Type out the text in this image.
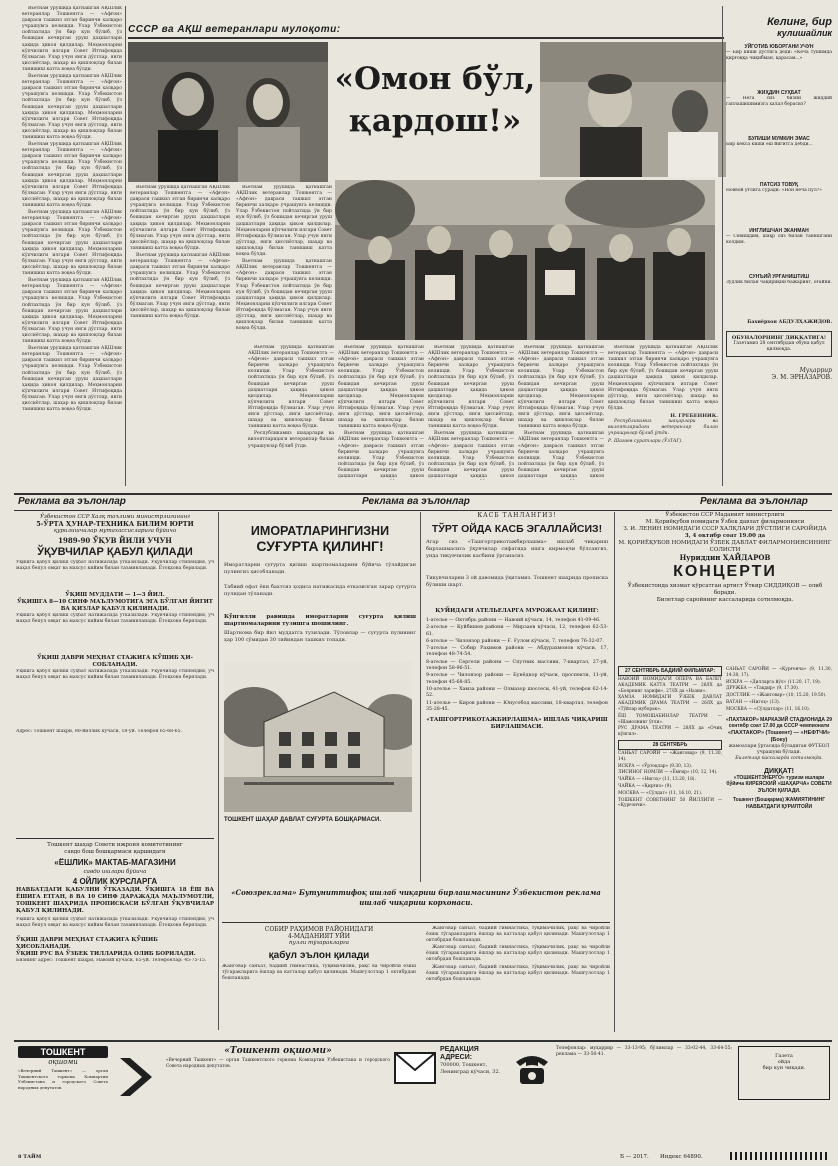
Вьетнам урушида қатнашган АҚШлик ветеранлар Тошкентга — «Афғон» давраси ташкил этган биринчи халқаро учрашувга келишди. Улар Ўзбекистон пойтахтида ўн бир кун бўлиб, ўз бошидан кечирган уруш даҳшатлари ҳақида ҳикоя қилдилар. Меҳмонларни кўпчилиги илгари Совет Иттифоқида бўлмаган. Улар учун янги дўстлар, янги ҳиссиётлар, шаҳар ва қишлоқлар билан танишиш катта воқеа бўлди.

Вьетнам урушида қатнашган АҚШлик ветеранлар Тошкентга — «Афғон» давраси ташкил этган биринчи халқаро учрашувга келишди. Улар Ўзбекистон пойтахтида ўн бир кун бўлиб, ўз бошидан кечирган уруш даҳшатлари ҳақида ҳикоя қилдилар. Меҳмонларни кўпчилиги илгари Совет Иттифоқида бўлмаган. Улар учун янги дўстлар, янги ҳиссиётлар, шаҳар ва қишлоқлар билан танишиш катта воқеа бўлди.

Вьетнам урушида қатнашган АҚШлик ветеранлар Тошкентга — «Афғон» давраси ташкил этган биринчи халқаро учрашувга келишди. Улар Ўзбекистон пойтахтида ўн бир кун бўлиб, ўз бошидан кечирган уруш даҳшатлари ҳақида ҳикоя қилдилар. Меҳмонларни кўпчилиги илгари Совет Иттифоқида бўлмаган. Улар учун янги дўстлар, янги ҳиссиётлар, шаҳар ва қишлоқлар билан танишиш катта воқеа бўлди.

Вьетнам урушида қатнашган АҚШлик ветеранлар Тошкентга — «Афғон» давраси ташкил этган биринчи халқаро учрашувга келишди. Улар Ўзбекистон пойтахтида ўн бир кун бўлиб, ўз бошидан кечирган уруш даҳшатлари ҳақида ҳикоя қилдилар. Меҳмонларни кўпчилиги илгари Совет Иттифоқида бўлмаган. Улар учун янги дўстлар, янги ҳиссиётлар, шаҳар ва қишлоқлар билан танишиш катта воқеа бўлди.

Вьетнам урушида қатнашган АҚШлик ветеранлар Тошкентга — «Афғон» давраси ташкил этган биринчи халқаро учрашувга келишди. Улар Ўзбекистон пойтахтида ўн бир кун бўлиб, ўз бошидан кечирган уруш даҳшатлари ҳақида ҳикоя қилдилар. Меҳмонларни кўпчилиги илгари Совет Иттифоқида бўлмаган. Улар учун янги дўстлар, янги ҳиссиётлар, шаҳар ва қишлоқлар билан танишиш катта воқеа бўлди.

Вьетнам урушида қатнашган АҚШлик ветеранлар Тошкентга — «Афғон» давраси ташкил этган биринчи халқаро учрашувга келишди. Улар Ўзбекистон пойтахтида ўн бир кун бўлиб, ўз бошидан кечирган уруш даҳшатлари ҳақида ҳикоя қилдилар. Меҳмонларни кўпчилиги илгари Совет Иттифоқида бўлмаган. Улар учун янги дўстлар, янги ҳиссиётлар, шаҳар ва қишлоқлар билан танишиш катта воқеа бўлди.

СССР ва АҚШ ветеранлари мулоқоти:
«Омон бўл,
қардош!»

Вьетнам урушида қатнашган АҚШлик ветеранлар Тошкентга — «Афғон» давраси ташкил этган биринчи халқаро учрашувга келишди. Улар Ўзбекистон пойтахтида ўн бир кун бўлиб, ўз бошидан кечирган уруш даҳшатлари ҳақида ҳикоя қилдилар. Меҳмонларни кўпчилиги илгари Совет Иттифоқида бўлмаган. Улар учун янги дўстлар, янги ҳиссиётлар, шаҳар ва қишлоқлар билан танишиш катта воқеа бўлди.

Вьетнам урушида қатнашган АҚШлик ветеранлар Тошкентга — «Афғон» давраси ташкил этган биринчи халқаро учрашувга келишди. Улар Ўзбекистон пойтахтида ўн бир кун бўлиб, ўз бошидан кечирган уруш даҳшатлари ҳақида ҳикоя қилдилар. Меҳмонларни кўпчилиги илгари Совет Иттифоқида бўлмаган. Улар учун янги дўстлар, янги ҳиссиётлар, шаҳар ва қишлоқлар билан танишиш катта воқеа бўлди.

Вьетнам урушида қатнашган АҚШлик ветеранлар Тошкентга — «Афғон» давраси ташкил этган биринчи халқаро учрашувга келишди. Улар Ўзбекистон пойтахтида ўн бир кун бўлиб, ўз бошидан кечирган уруш даҳшатлари ҳақида ҳикоя қилдилар. Меҳмонларни кўпчилиги илгари Совет Иттифоқида бўлмаган. Улар учун янги дўстлар, янги ҳиссиётлар, шаҳар ва қишлоқлар билан танишиш катта воқеа бўлди.

Вьетнам урушида қатнашган АҚШлик ветеранлар Тошкентга — «Афғон» давраси ташкил этган биринчи халқаро учрашувга келишди. Улар Ўзбекистон пойтахтида ўн бир кун бўлиб, ўз бошидан кечирган уруш даҳшатлари ҳақида ҳикоя қилдилар. Меҳмонларни кўпчилиги илгари Совет Иттифоқида бўлмаган. Улар учун янги дўстлар, янги ҳиссиётлар, шаҳар ва қишлоқлар билан танишиш катта воқеа бўлди.

Вьетнам урушида қатнашган АҚШлик ветеранлар Тошкентга — «Афғон» давраси ташкил этган биринчи халқаро учрашувга келишди. Улар Ўзбекистон пойтахтида ўн бир кун бўлиб, ўз бошидан кечирган уруш даҳшатлари ҳақида ҳикоя қилдилар. Меҳмонларни кўпчилиги илгари Совет Иттифоқида бўлмаган. Улар учун янги дўстлар, янги ҳиссиётлар, шаҳар ва қишлоқлар билан танишиш катта воқеа бўлди.

Республикамиз шаҳарлари ва вилоятларидаги ветеранлар билан учрашувлар бўлиб ўтди.

Вьетнам урушида қатнашган АҚШлик ветеранлар Тошкентга — «Афғон» давраси ташкил этган биринчи халқаро учрашувга келишди. Улар Ўзбекистон пойтахтида ўн бир кун бўлиб, ўз бошидан кечирган уруш даҳшатлари ҳақида ҳикоя қилдилар. Меҳмонларни кўпчилиги илгари Совет Иттифоқида бўлмаган. Улар учун янги дўстлар, янги ҳиссиётлар, шаҳар ва қишлоқлар билан танишиш катта воқеа бўлди.

Вьетнам урушида қатнашган АҚШлик ветеранлар Тошкентга — «Афғон» давраси ташкил этган биринчи халқаро учрашувга келишди. Улар Ўзбекистон пойтахтида ўн бир кун бўлиб, ўз бошидан кечирган уруш даҳшатлари ҳақида ҳикоя

Вьетнам урушида қатнашган АҚШлик ветеранлар Тошкентга — «Афғон» давраси ташкил этган биринчи халқаро учрашувга келишди. Улар Ўзбекистон пойтахтида ўн бир кун бўлиб, ўз бошидан кечирган уруш даҳшатлари ҳақида ҳикоя қилдилар. Меҳмонларни кўпчилиги илгари Совет Иттифоқида бўлмаган. Улар учун янги дўстлар, янги ҳиссиётлар, шаҳар ва қишлоқлар билан танишиш катта воқеа бўлди.

Вьетнам урушида қатнашган АҚШлик ветеранлар Тошкентга — «Афғон» давраси ташкил этган биринчи халқаро учрашувга келишди. Улар Ўзбекистон пойтахтида ўн бир кун бўлиб, ўз бошидан кечирган уруш даҳшатлари ҳақида ҳикоя

Вьетнам урушида қатнашган АҚШлик ветеранлар Тошкентга — «Афғон» давраси ташкил этган биринчи халқаро учрашувга келишди. Улар Ўзбекистон пойтахтида ўн бир кун бўлиб, ўз бошидан кечирган уруш даҳшатлари ҳақида ҳикоя қилдилар. Меҳмонларни кўпчилиги илгари Совет Иттифоқида бўлмаган. Улар учун янги дўстлар, янги ҳиссиётлар, шаҳар ва қишлоқлар билан танишиш катта воқеа бўлди.

Вьетнам урушида қатнашган АҚШлик ветеранлар Тошкентга — «Афғон» давраси ташкил этган биринчи халқаро учрашувга келишди. Улар Ўзбекистон пойтахтида ўн бир кун бўлиб, ўз бошидан кечирган уруш даҳшатлари ҳақида ҳикоя

Вьетнам урушида қатнашган АҚШлик ветеранлар Тошкентга — «Афғон» давраси ташкил этган биринчи халқаро учрашувга келишди. Улар Ўзбекистон пойтахтида ўн бир кун бўлиб, ўз бошидан кечирган уруш даҳшатлари ҳақида ҳикоя қилдилар. Меҳмонларни кўпчилиги илгари Совет Иттифоқида бўлмаган. Улар учун янги дўстлар, янги ҳиссиётлар, шаҳар ва қишлоқлар билан танишиш катта воқеа бўлди.

Н. ГРЕБЕННИК.

Республикамиз шаҳарлари ва вилоятларидаги ветеранлар билан учрашувлар бўлиб ўтди.

Р. Шагаев суратлари (ЎзТАГ).
Келинг, бир
кулишайлик
УЙГОТИБ ЮБОРГАНИ УЧУН
— Бир киши дўстига деди: «Кеча тушимда қирғоққа чиқибман, қарасам...»
ЖИҲДИН СУҲБАТ
— Нега сиз бизни жиддий гаплашишимизга халал берасиз?
БУЛИШИ МУМКИН ЭМАС
Бир кекса киши ёш йигитга дебди...
ПАТСИЗ ТОВУҚ
Новвой ўғлига сўради: «Нон неча пул?»
ИНГЛИШЧАН ЭКАНМАН
— Севишдим, шаҳр сиз билан танишгани келдим.
СУНЪИЙ УРҒАНИШТИШ
Зудлик билан чақириқни бажаринг, оғайни.
Бахиёрхон АБДУЛҲАЖИДОВ.
ОБУНАЛОРНИНГ ДИҚҚАТИГА!
Газетамиз 28 сентябрдан обуна қабул қилмоқда.
Муҳаррир
Э. М. ЭРНАЗАРОВ.
Реклама ва эълонлар	Реклама ва эълонлар	Реклама ва эълонлар
Ўзбекистон ССР Халқ таълими министрлигининг
5-ЎРТА ҲУНАР-ТЕХНИКА БИЛИМ ЮРТИ
қурилишчилар мутахассисларига бўйича
1989-90 ЎҚУВ ЙИЛИ УЧУН
ЎҚУВЧИЛАР ҚАБУЛ ҚИЛАДИ
Ўқишга қабул қилиш суҳбат натижасида ўтказилади. Ўқувчилар стипендия, уч маҳал бепул овқат ва махсус кийим билан таъминланади. Ётоқхона берилади.
ЎҚИШ МУДДАТИ — 1—3 ЙИЛ.
ЎҚИШГА 8—10 СИНФ МАЪЛУМОТИГА ЭГА БЎЛГАН ЙИГИТ ВА ҚИЗЛАР ҚАБУЛ ҚИЛИНАДИ.
Ўқишга қабул қилиш суҳбат натижасида ўтказилади. Ўқувчилар стипендия, уч маҳал бепул овқат ва махсус кийим билан таъминланади. Ётоқхона берилади.
ЎҚИШ ДАВРИ МЕҲНАТ СТАЖИГА КЎШИБ ҲИСОБЛАНАДИ.
Ўқишга қабул қилиш суҳбат натижасида ўтказилади. Ўқувчилар стипендия, уч маҳал бепул овқат ва махсус кийим билан таъминланади. Ётоқхона берилади.
Адрес: Тошкент шаҳри, 80-йиллик кўчаси, 18-уй. Телефон 65-68-65.
Тошкент шаҳар Совети ижроия комитетининг
савдо бош бошқармаси қаршидаги
«ЁШЛИК» МАКТАБ-МАГАЗИНИ
савдо ишлари бўйича
4 ОЙЛИК КУРСЛАРГА
НАВБАТДАГИ ҚАБУЛНИ ЎТКАЗАДИ. ЎҚИШГА 18 ЁШ ВА ЁШИГА ЕТГАН, 8 ВА 10 СИНФ ДАРАЖАДА МАЪЛУМОТЛИ, ТОШКЕНТ ШАҲРИДА ПРОПИСКАСИ БЎЛГАН ЎҚУВЧИЛАР ҚАБУЛ ҚИЛИНАДИ.
Ўқишга қабул қилиш суҳбат натижасида ўтказилади. Ўқувчилар стипендия, уч маҳал бепул овқат ва махсус кийим билан таъминланади. Ётоқхона берилади.
ЎҚИШ ДАВРИ МЕҲНАТ СТАЖИГА ҚЎШИБ ҲИСОБЛАНАДИ.
ЎҚИШ РУС ВА ЎЗБЕК ТИЛЛАРИДА ОЛИБ БОРИЛАДИ.
Бизнинг адрес: Тошкент шаҳри, Навоий кўчаси, 65-уй. Телефонлар: 45-75-15.
ИМОРАТЛАРИНГИЗНИ
СУҒУРТА ҚИЛИНГ!
Иморатларни суғурта қилиш шартномаларини бўйича тўлайдиган пулингиз ҳисобланади.
Табиий офат ёки бахтсиз ҳодиса натижасида етказилган зарар суғурта пулидан тўланади.
Кўнгилли равишда иморатларни суғурта қилиш шартномаларини тузишга шошилинг.
Шартнома бир йил муддатга тузилади. Тўловлар — суғурта пулининг ҳар 100 сўмидан 30 тийиндан ташкил топади.
ТОШКЕНТ ШАҲАР ДАВЛАТ СУҒУРТА БОШҚАРМАСИ.
«Союзреклама» Бутуниттифоқ ишлаб чиқариш бирлашмасининг Ўзбекистон реклама ишлаб чиқариш корхонаси.
СОБИР РАҲИМОВ РАЙОНИДАГИ
4-МАДАНИЯТ УЙИ
пулли тўгаракларга
қабул эълон қилади
Жанговар санъат, бадиий гимнастика, тўқимачилик, рақс ва чиройли ёзиш тўгаракларига ёшлар ва катталар қабул қилинади. Машғулотлар 1 октябрдан бошланади.
КАСБ ТАНЛАНГИЗ!
ТЎРТ ОЙДА КАСБ ЭГАЛЛАЙСИЗ!
Агар сиз «Ташгортрикотажбирлашма» ишлаб чиқариш бирлашмасига ўқувчилар сифатида ишга кирмоқчи бўлсангиз, унда тикувчилик касбини ўрганасиз.
Тикувчиларни 3 ой давомида ўқитамиз. Тошкент шаҳрида прописка бўлиши шарт.
ҚУЙИДАГИ АТЕЛЬЕЛАРГА МУРОЖААТ ҚИЛИНГ:
1-ательe — Октябрь райони — Навоий кўчаси, 14, телефон 41-09-46.
2-ательe — Куйбишев райони — Мирзаев кўчаси, 12, телефон 62-53-61.
6-ательe — Чилонзор райони — Ғ. Ғулом кўчаси, 7, телефон 76-32-07.
7-ательe — Собир Раҳимов райони — Абдурахмонов кўчаси, 17, телефон 48-74-54.
8-ательe — Сергели райони — Спутник массиви, 7-квартал, 27-уй, телефон 58-96-51.
9-ательe — Чилонзор райони — Бунёдкор кўчаси, проспекти, 11-уй, телефон 45-68-85.
10-ательe — Хамза райони — Олмазор шоссеси, 41-уй, телефон 62-14-52.
11-ательe — Киров райони — Юнусобод массиви, 18-квартал, телефон 35-28-45.
«ТАШГОРТРИКОТАЖБИРЛАШМА» ИШЛАБ ЧИҚАРИШ БИРЛАШМАСИ.

Жанговар санъат, бадиий гимнастика, тўқимачилик, рақс ва чиройли ёзиш тўгаракларига ёшлар ва катталар қабул қилинади. Машғулотлар 1 октябрдан бошланади.

Жанговар санъат, бадиий гимнастика, тўқимачилик, рақс ва чиройли ёзиш тўгаракларига ёшлар ва катталар қабул қилинади. Машғулотлар 1 октябрдан бошланади.

Жанговар санъат, бадиий гимнастика, тўқимачилик, рақс ва чиройли ёзиш тўгаракларига ёшлар ва катталар қабул қилинади. Машғулотлар 1 октябрдан бошланади.

Ўзбекистон ССР Маданият министрлиги
М. Қориёқубов номидаги Ўзбек давлат филармонияси
З. И. ЛЕНИН НОМИДАГИ СССР ХАЛҚЛАРИ ДЎСТЛИГИ САРОЙИДА
3, 4 октябр соат 19.00 да
М. ҚОРИЁҚУБОВ НОМИДАГИ ЎЗБЕК ДАВЛАТ ФИЛАРМОНИЯСИНИНГ СОЛИСТИ
Нуриддин ҲАЙДАРОВ
КОНЦЕРТИ
Ўзбекистонда хизмат кўрсатган артист Ўткир СИДДИҚОВ — олиб боради.
Билетлар саройнинг кассаларида сотилмоқда.
27 СЕНТЯБРЬ БАДИИЙ ФИЛЬМЛАР:
НАВОИЙ НОМИДАГИ ОПЕРА ВА БАЛЕТ АКАДЕМИК КАТТА ТЕАТРИ — 26/IX да «Боярнинг зарифи», 27/IX да «Назия».
ҲАМЗА НОМИДАГИ ЎЗБЕК ДАВЛАТ АКАДЕМИК ДРАМА ТЕАТРИ — 26/IX да «Тўйлар муборак».
ЁШ ТОМОШАБИНЛАР ТЕАТРИ — «Шамолнинг ўғли».
РУС ДРАМА ТЕАТРИ — 28/IX да «Очиқ кўнгил».
28 СЕНТЯБРЬ
САНЬАТ САРОЙИ — «Жанговар» (9, 11.30, 14).
ИСКРА — «Ўртоқлар» (9.30, 13).
ЛИСИНОГ НОМЛИ — «Ёмғир» (10, 12, 14).
ЧАЙКА — «Нигоҳ» (11, 13.20, 18).
ЧАЙКА — «Қирғиз» (9).
МОСКВА — «Сўлдат» (11, 16.10, 21).
ТОШКЕНТ СОВЕТНИНГ 50 ЙИЛЛИГИ — «Қурғончи».
САНЬАТ САРОЙИ — «Қурғонча» (9, 11.30, 14.30, 17).
ИСКРА — «Дилларга йўл» (11.20, 17, 19).
ДРУЖБА — «Тақдир» (9, 17.30).
ДОСТЛИК — «Жанговар» (10, 15.20, 19.50).
ВАТАН — «Нигоҳ» (13).
МОСКВА — «Сўлдатлар» (11, 16.10).
«ПАХТАКОР» МАРКАЗИЙ СТАДИОНИДА 29 сентябр соат 17.00 да СССР чемпионати
«ПАХТАКОР» (Тошкент) — «НЕФТЧИ» (Боку)
жамоалари ўртасида бўладиган ФУТБОЛ учрашуви бўлади.
Билетлар кассаларда сотилмоқда.
ДИҚҚАТ!
«ТОШКЕНТЭНЕРГО» туризм ишлари бўйича КИРЕЯСКИЙ «ШАҲАРЧА» СОВЕТИ ЭЪЛОН ҚИЛАДИ.
Тошкент (Бошқарма) ЖАМИЯТИНИНГ НАВБАТДАГИ ҚУРИЛТОЙИ
ТОШКЕНТ
оқшоми
«Вечерний Ташкент» — орган Ташкентского горкома Компартии Узбекистана и городского Совета народных депутатов.
«Тошкент оқшоми»
«Вечерний Ташкент» — орган Ташкентского горкома Компартии Узбекистана и городского Совета народных депутатов.
РЕДАКЦИЯ АДРЕСИ:
700000, Тошкент, Ленинград кўчаси, 32.
Телефонлар: муҳаррир — 33-13-95; бўлимлар — 33-02-44, 33-64-55; реклама — 33-50-41.	Газета
ойда
бир кун чиқади.
8 ТАЙМ	Б — 2017. Индекс 64890.
